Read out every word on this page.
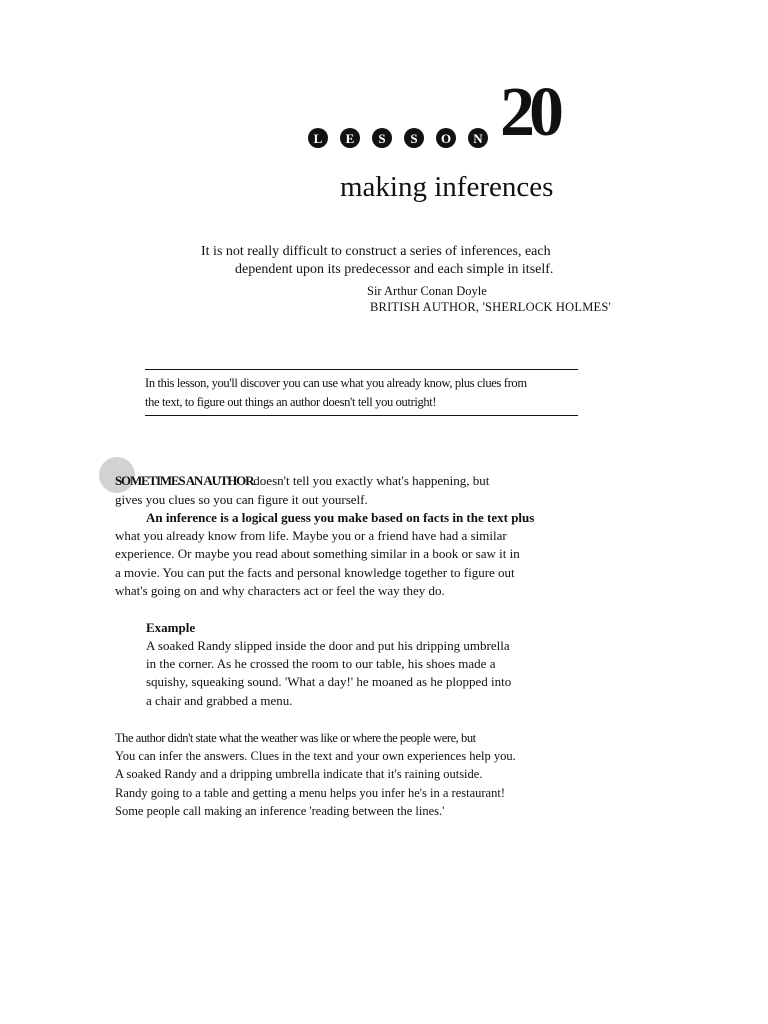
L	E	S	S	O	N 20
making inferences
It is not really difficult to construct a series of inferences, each
dependent upon its predecessor and each simple in itself.
Sir Arthur Conan Doyle
BRITISH AUTHOR, 'SHERLOCK HOLMES'
In this lesson, you'll discover you can use what you already know, plus clues from
the text, to figure out things an author doesn't tell you outright!
SOMETIMES AN AUTHORdoesn't tell you exactly what's happening, but
gives you clues so you can figure it out yourself.
An inference is a logical guess you make based on facts in the text plus
what you already know from life. Maybe you or a friend have had a similar
experience. Or maybe you read about something similar in a book or saw it in
a movie. You can put the facts and personal knowledge together to figure out
what's going on and why characters act or feel the way they do.
Example
A soaked Randy slipped inside the door and put his dripping umbrella
in the corner. As he crossed the room to our table, his shoes made a
squishy, squeaking sound. 'What a day!' he moaned as he plopped into
a chair and grabbed a menu.
The author didn't state what the weather was like or where the people were, but
You can infer the answers. Clues in the text and your own experiences help you.
A soaked Randy and a dripping umbrella indicate that it's raining outside.
Randy going to a table and getting a menu helps you infer he's in a restaurant!
Some people call making an inference 'reading between the lines.'
